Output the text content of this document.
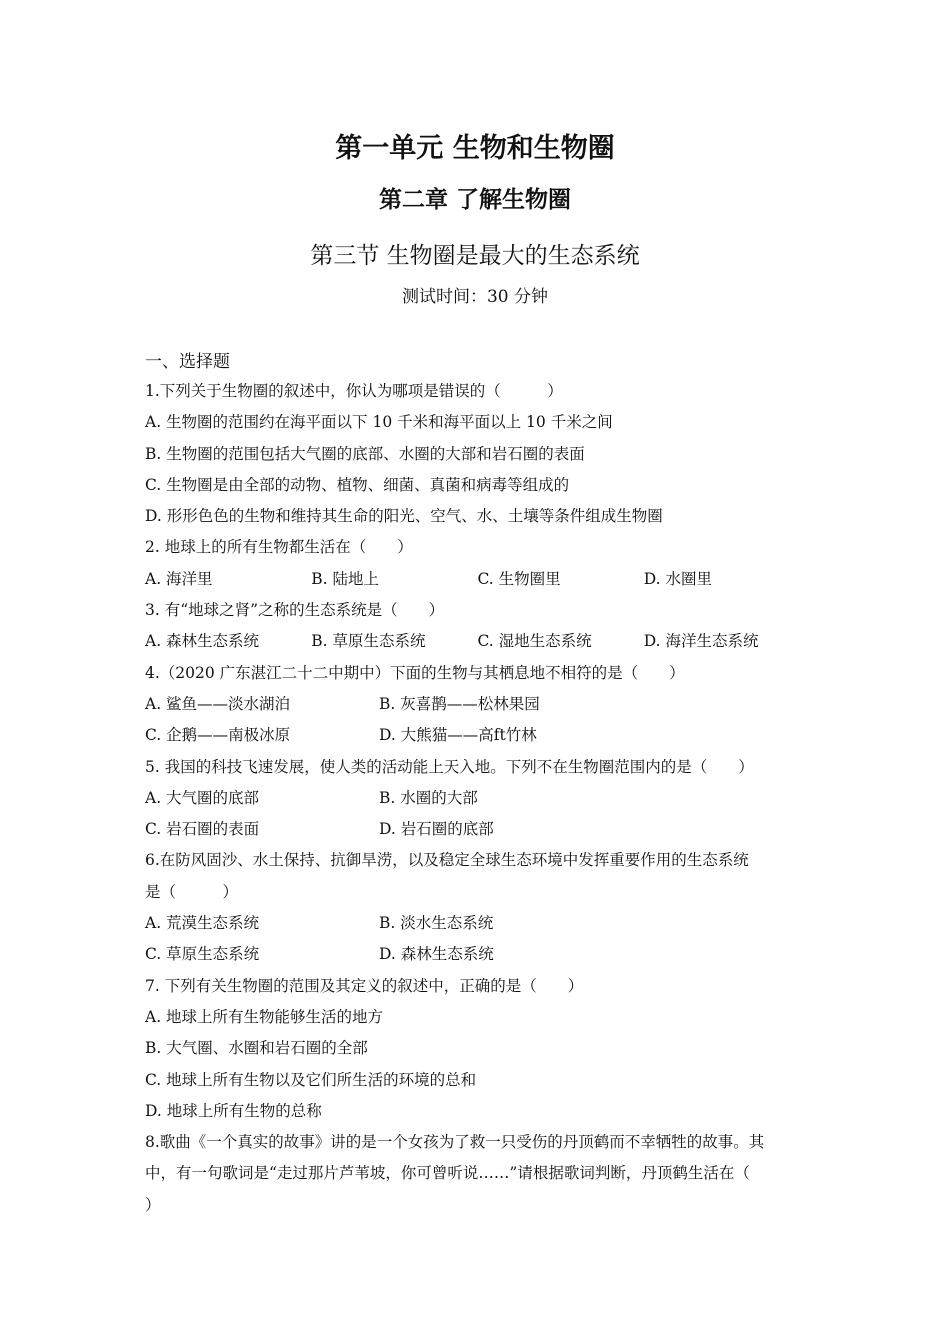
第一单元 生物和生物圈
第二章 了解生物圈
第三节 生物圈是最大的生态系统
测试时间：30 分钟
一、选择题
1.下列关于生物圈的叙述中，你认为哪项是错误的（　　　）
A. 生物圈的范围约在海平面以下 10 千米和海平面以上 10 千米之间
B. 生物圈的范围包括大气圈的底部、水圈的大部和岩石圈的表面
C. 生物圈是由全部的动物、植物、细菌、真菌和病毒等组成的
D. 形形色色的生物和维持其生命的阳光、空气、水、土壤等条件组成生物圈
2. 地球上的所有生物都生活在（　　）
A. 海洋里	B. 陆地上	C. 生物圈里	D. 水圈里
3. 有“地球之肾”之称的生态系统是（　　）
A. 森林生态系统	B. 草原生态系统	C. 湿地生态系统	D. 海洋生态系统
4.（2020 广东湛江二十二中期中）下面的生物与其栖息地不相符的是（　　）
A. 鲨鱼——淡水湖泊	B. 灰喜鹊——松林果园
C. 企鹅——南极冰原	D. 大熊猫——高ft竹林
5. 我国的科技飞速发展，使人类的活动能上天入地。下列不在生物圈范围内的是（　　）
A. 大气圈的底部	B. 水圈的大部
C. 岩石圈的表面	D. 岩石圈的底部
6.在防风固沙、水土保持、抗御旱涝，以及稳定全球生态环境中发挥重要作用的生态系统
是（　　　）
A. 荒漠生态系统	B. 淡水生态系统
C. 草原生态系统	D. 森林生态系统
7. 下列有关生物圈的范围及其定义的叙述中，正确的是（　　）
A. 地球上所有生物能够生活的地方
B. 大气圈、水圈和岩石圈的全部
C. 地球上所有生物以及它们所生活的环境的总和
D. 地球上所有生物的总称
8.歌曲《一个真实的故事》讲的是一个女孩为了救一只受伤的丹顶鹤而不幸牺牲的故事。其
中，有一句歌词是“走过那片芦苇坡，你可曾听说……”请根据歌词判断，丹顶鹤生活在（
）
